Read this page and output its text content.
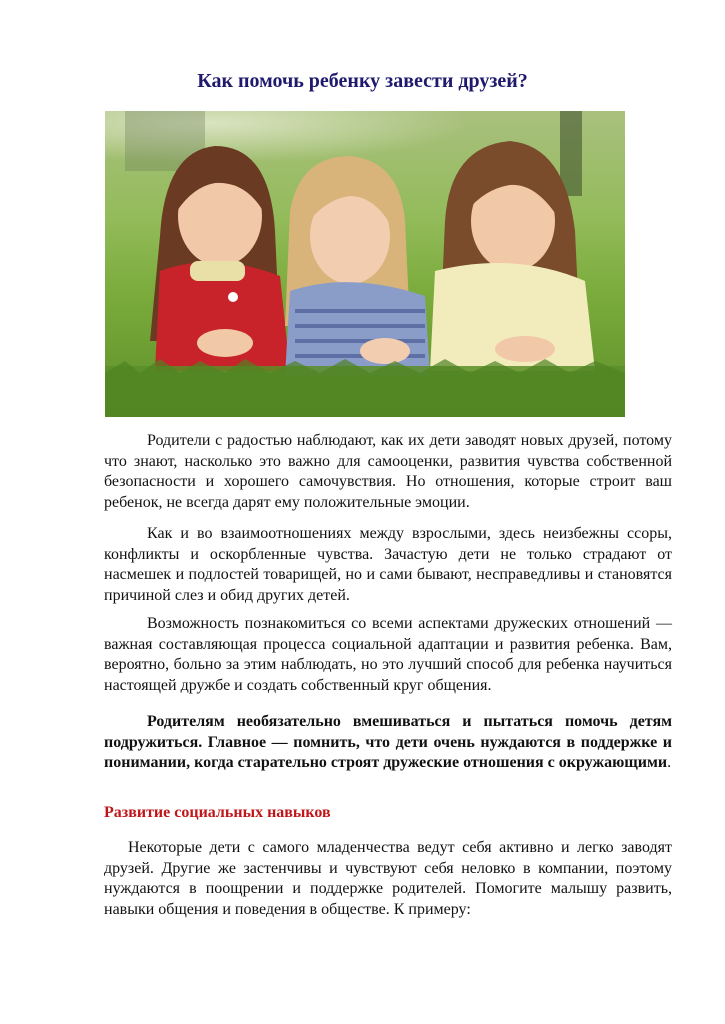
Как помочь ребенку завести друзей?

Родители с радостью наблюдают, как их дети заводят новых друзей, потому что знают, насколько это важно для самооценки, развития чувства собственной безопасности и хорошего самочувствия. Но отношения, которые строит ваш ребенок, не всегда дарят ему положительные эмоции.

Как и во взаимоотношениях между взрослыми, здесь неизбежны ссоры, конфликты и оскорбленные чувства. Зачастую дети не только страдают от насмешек и подлостей товарищей, но и сами бывают, несправедливы и становятся причиной слез и обид других детей.

Возможность познакомиться со всеми аспектами дружеских отношений — важная составляющая процесса социальной адаптации и развития ребенка. Вам, вероятно, больно за этим наблюдать, но это лучший способ для ребенка научиться настоящей дружбе и создать собственный круг общения.

Родителям необязательно вмешиваться и пытаться помочь детям подружиться. Главное — помнить, что дети очень нуждаются в поддержке и понимании, когда старательно строят дружеские отношения с окружающими.

Развитие социальных навыков

Некоторые дети с самого младенчества ведут себя активно и легко заводят друзей. Другие же застенчивы и чувствуют себя неловко в компании, поэтому нуждаются в поощрении и поддержке родителей. Помогите малышу развить, навыки общения и поведения в обществе. К примеру:
